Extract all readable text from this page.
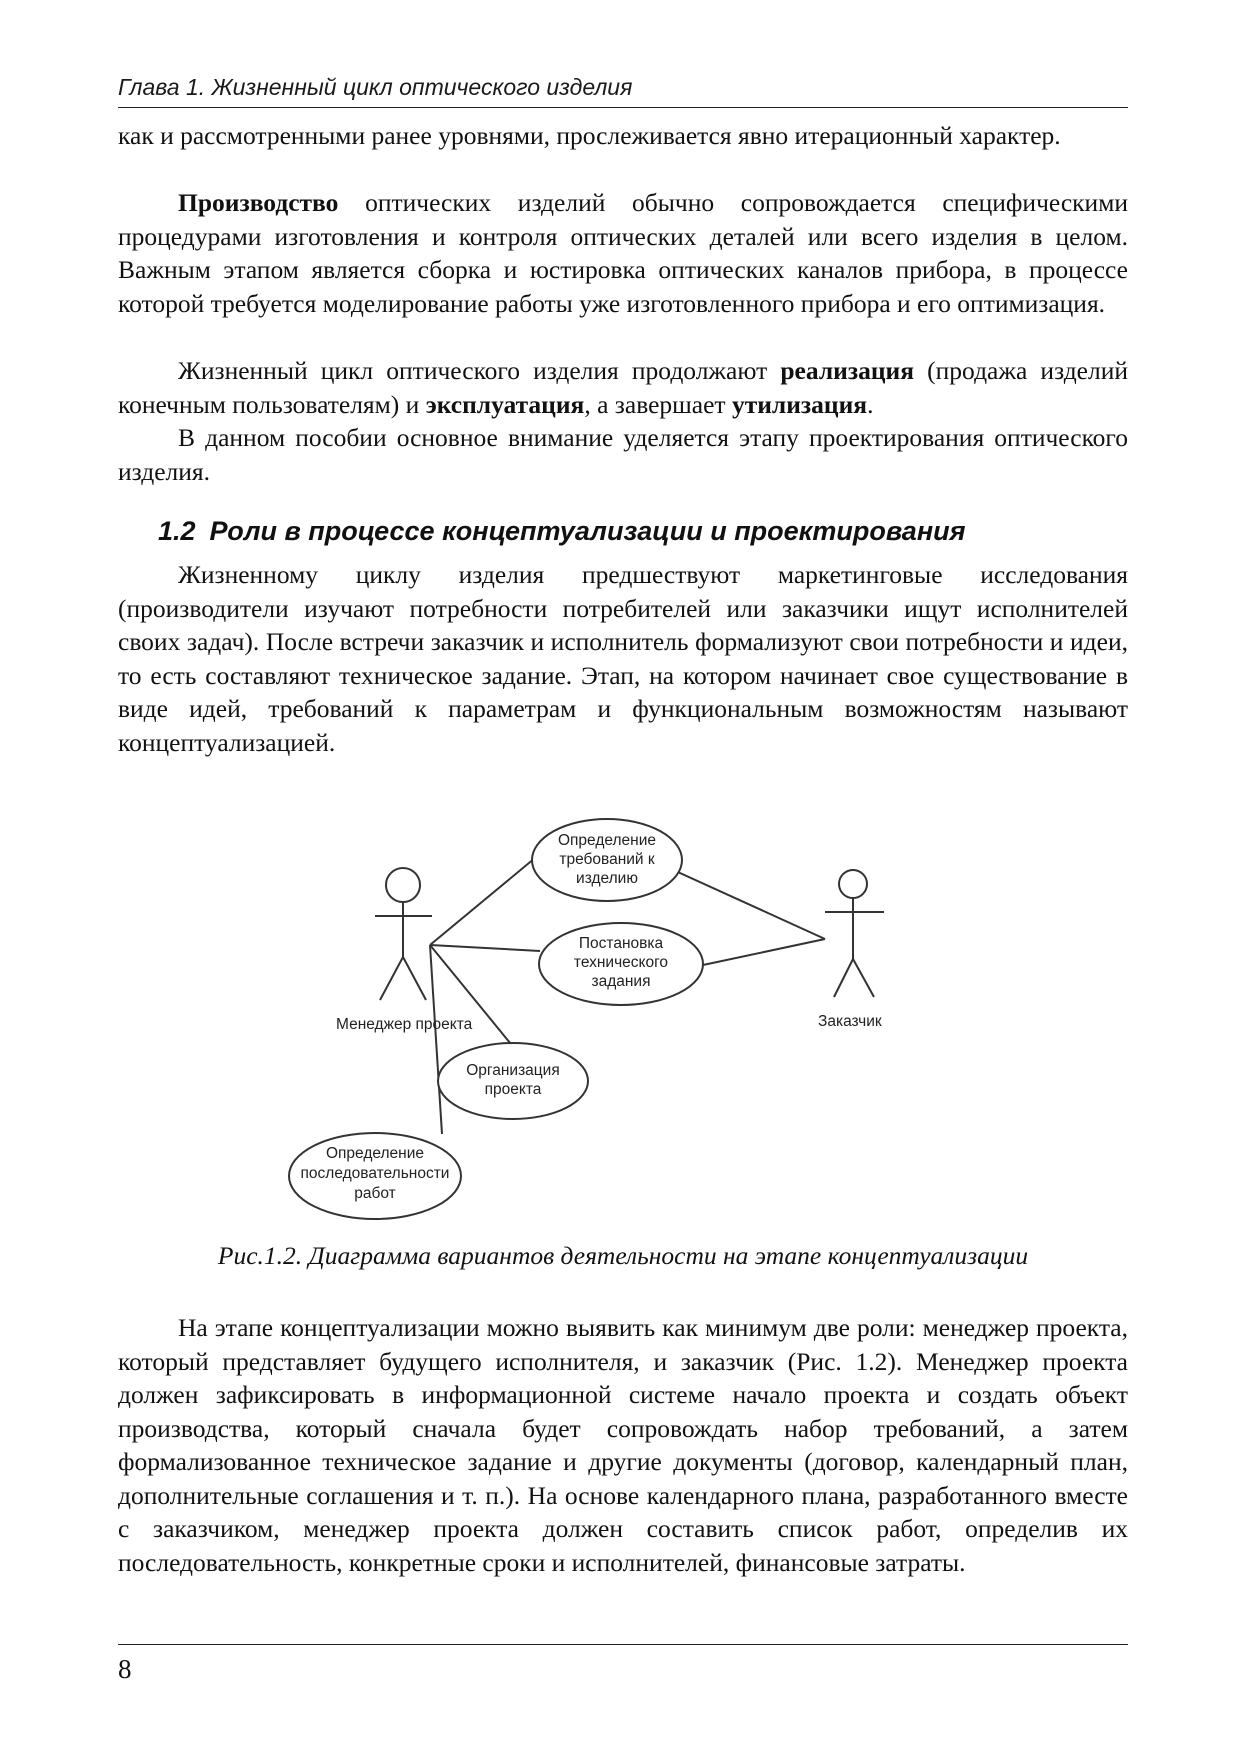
Глава 1. Жизненный цикл оптического изделия
как и рассмотренными ранее уровнями, прослеживается явно итерационный характер.
Производство оптических изделий обычно сопровождается специфическими процедурами изготовления и контроля оптических деталей или всего изделия в целом. Важным этапом является сборка и юстировка оптических каналов прибора, в процессе которой требуется моделирование работы уже изготовленного прибора и его оптимизация.
Жизненный цикл оптического изделия продолжают реализация (продажа изделий конечным пользователям) и эксплуатация, а завершает утилизация.
В данном пособии основное внимание уделяется этапу проектирования оптического изделия.
1.2 Роли в процессе концептуализации и проектирования
Жизненному циклу изделия предшествуют маркетинговые исследования (производители изучают потребности потребителей или заказчики ищут исполнителей своих задач). После встречи заказчик и исполнитель формализуют свои потребности и идеи, то есть составляют техническое задание. Этап, на котором начинает свое существование в виде идей, требований к параметрам и функциональным возможностям называют концептуализацией.
Менеджер проекта	Заказчик
Определение
требований к
изделию
Постановка
технического
задания
Организация
проекта
Определение
последовательности
работ
Рис.1.2. Диаграмма вариантов деятельности на этапе концептуализации
На этапе концептуализации можно выявить как минимум две роли: менеджер проекта, который представляет будущего исполнителя, и заказчик (Рис. 1.2). Менеджер проекта должен зафиксировать в информационной системе начало проекта и создать объект производства, который сначала будет сопровождать набор требований, а затем формализованное техническое задание и другие документы (договор, календарный план, дополнительные соглашения и т. п.). На основе календарного плана, разработанного вместе с заказчиком, менеджер проекта должен составить список работ, определив их последовательность, конкретные сроки и исполнителей, финансовые затраты.
8
